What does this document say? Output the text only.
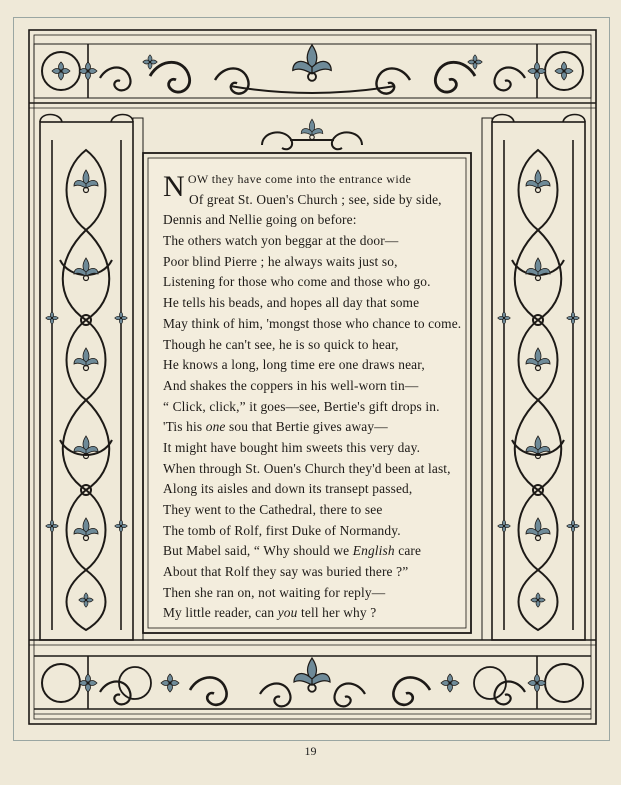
NOW they have come into the entrance wide
Of great St. Ouen's Church ; see, side by side,
Dennis and Nellie going on before:
The others watch yon beggar at the door—
Poor blind Pierre ; he always waits just so,
Listening for those who come and those who go.
He tells his beads, and hopes all day that some
May think of him, 'mongst those who chance to come.
Though he can't see, he is so quick to hear,
He knows a long, long time ere one draws near,
And shakes the coppers in his well-worn tin—
“ Click, click,” it goes—see, Bertie's gift drops in.
'Tis his one sou that Bertie gives away—
It might have bought him sweets this very day.
When through St. Ouen's Church they'd been at last,
Along its aisles and down its transept passed,
They went to the Cathedral, there to see
The tomb of Rolf, first Duke of Normandy.
But Mabel said, “ Why should we English care
About that Rolf they say was buried there ?”
Then she ran on, not waiting for reply—
My little reader, can you tell her why ?
19
